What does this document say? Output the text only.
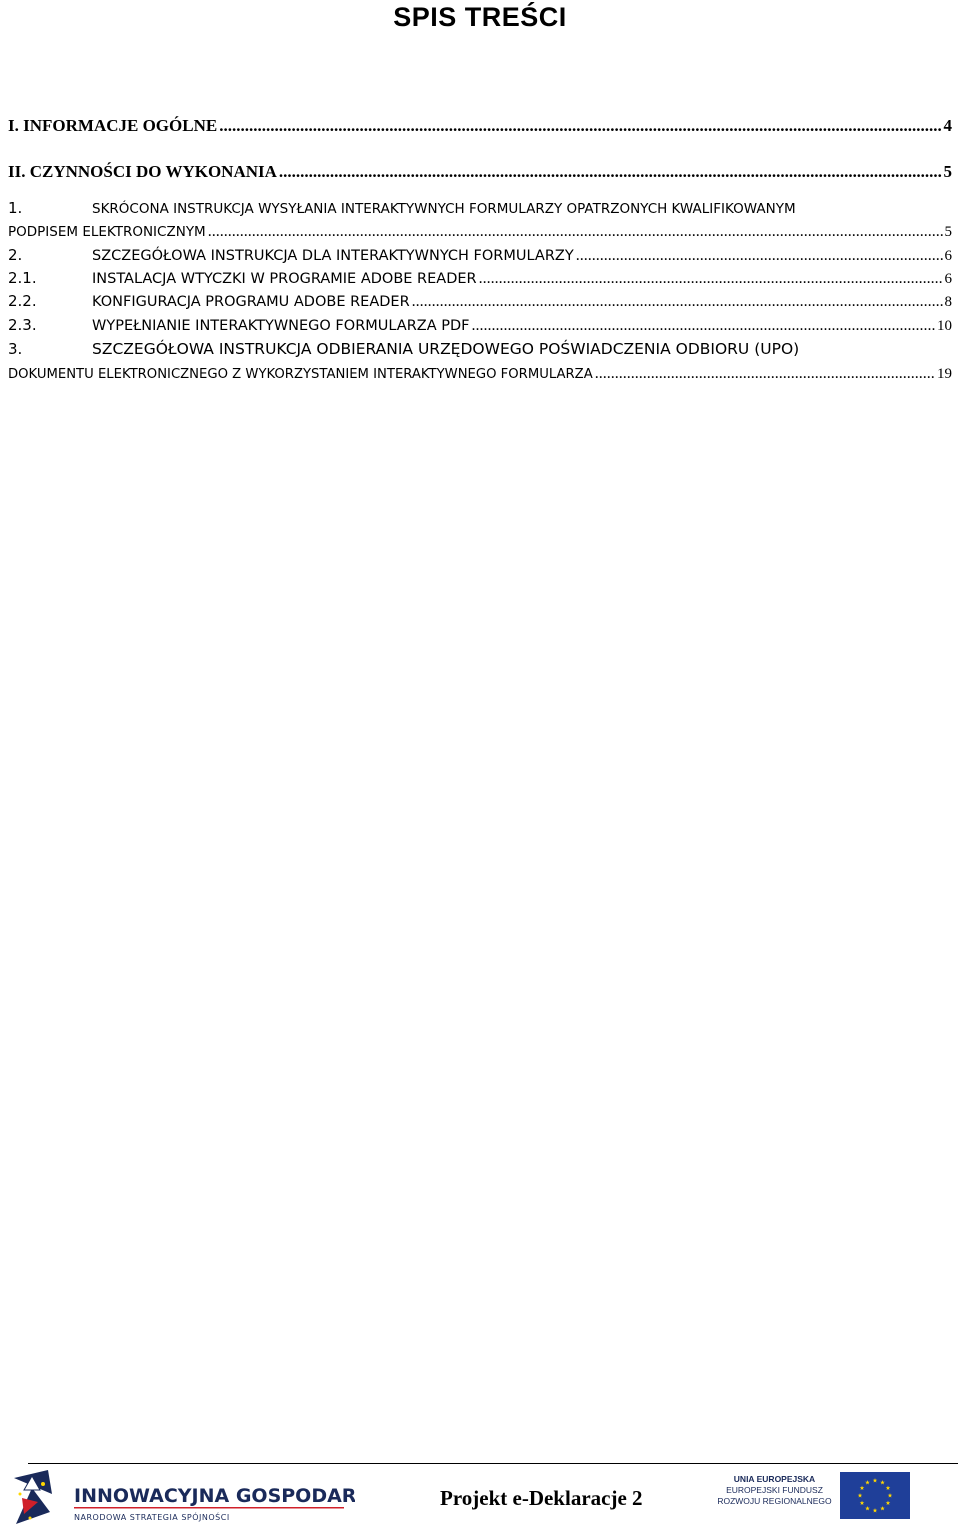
SPIS TREŚCI
I. INFORMACJE OGÓLNE .....	4
II. CZYNNOŚCI DO WYKONANIA .....	5
1.	SKRÓCONA INSTRUKCJA WYSYŁANIA INTERAKTYWNYCH FORMULARZY OPATRZONYCH KWALIFIKOWANYM
PODPISEM ELEKTRONICZNYM .....	5
2.	SZCZEGÓŁOWA INSTRUKCJA DLA INTERAKTYWNYCH FORMULARZY .....	6
2.1.	INSTALACJA WTYCZKI W PROGRAMIE ADOBE READER .....	6
2.2.	KONFIGURACJA PROGRAMU ADOBE READER .....	8
2.3.	WYPEŁNIANIE INTERAKTYWNEGO FORMULARZA PDF .....	10
3.	SZCZEGÓŁOWA INSTRUKCJA ODBIERANIA URZĘDOWEGO POŚWIADCZENIA ODBIORU (UPO)
DOKUMENTU ELEKTRONICZNEGO Z WYKORZYSTANIEM INTERAKTYWNEGO FORMULARZA .....	19
INNOWACYJNA GOSPODARKA
NARODOWA STRATEGIA SPÓJNOŚCI
Projekt e-Deklaracje 2
UNIA EUROPEJSKA
EUROPEJSKI FUNDUSZ
ROZWOJU REGIONALNEGO
